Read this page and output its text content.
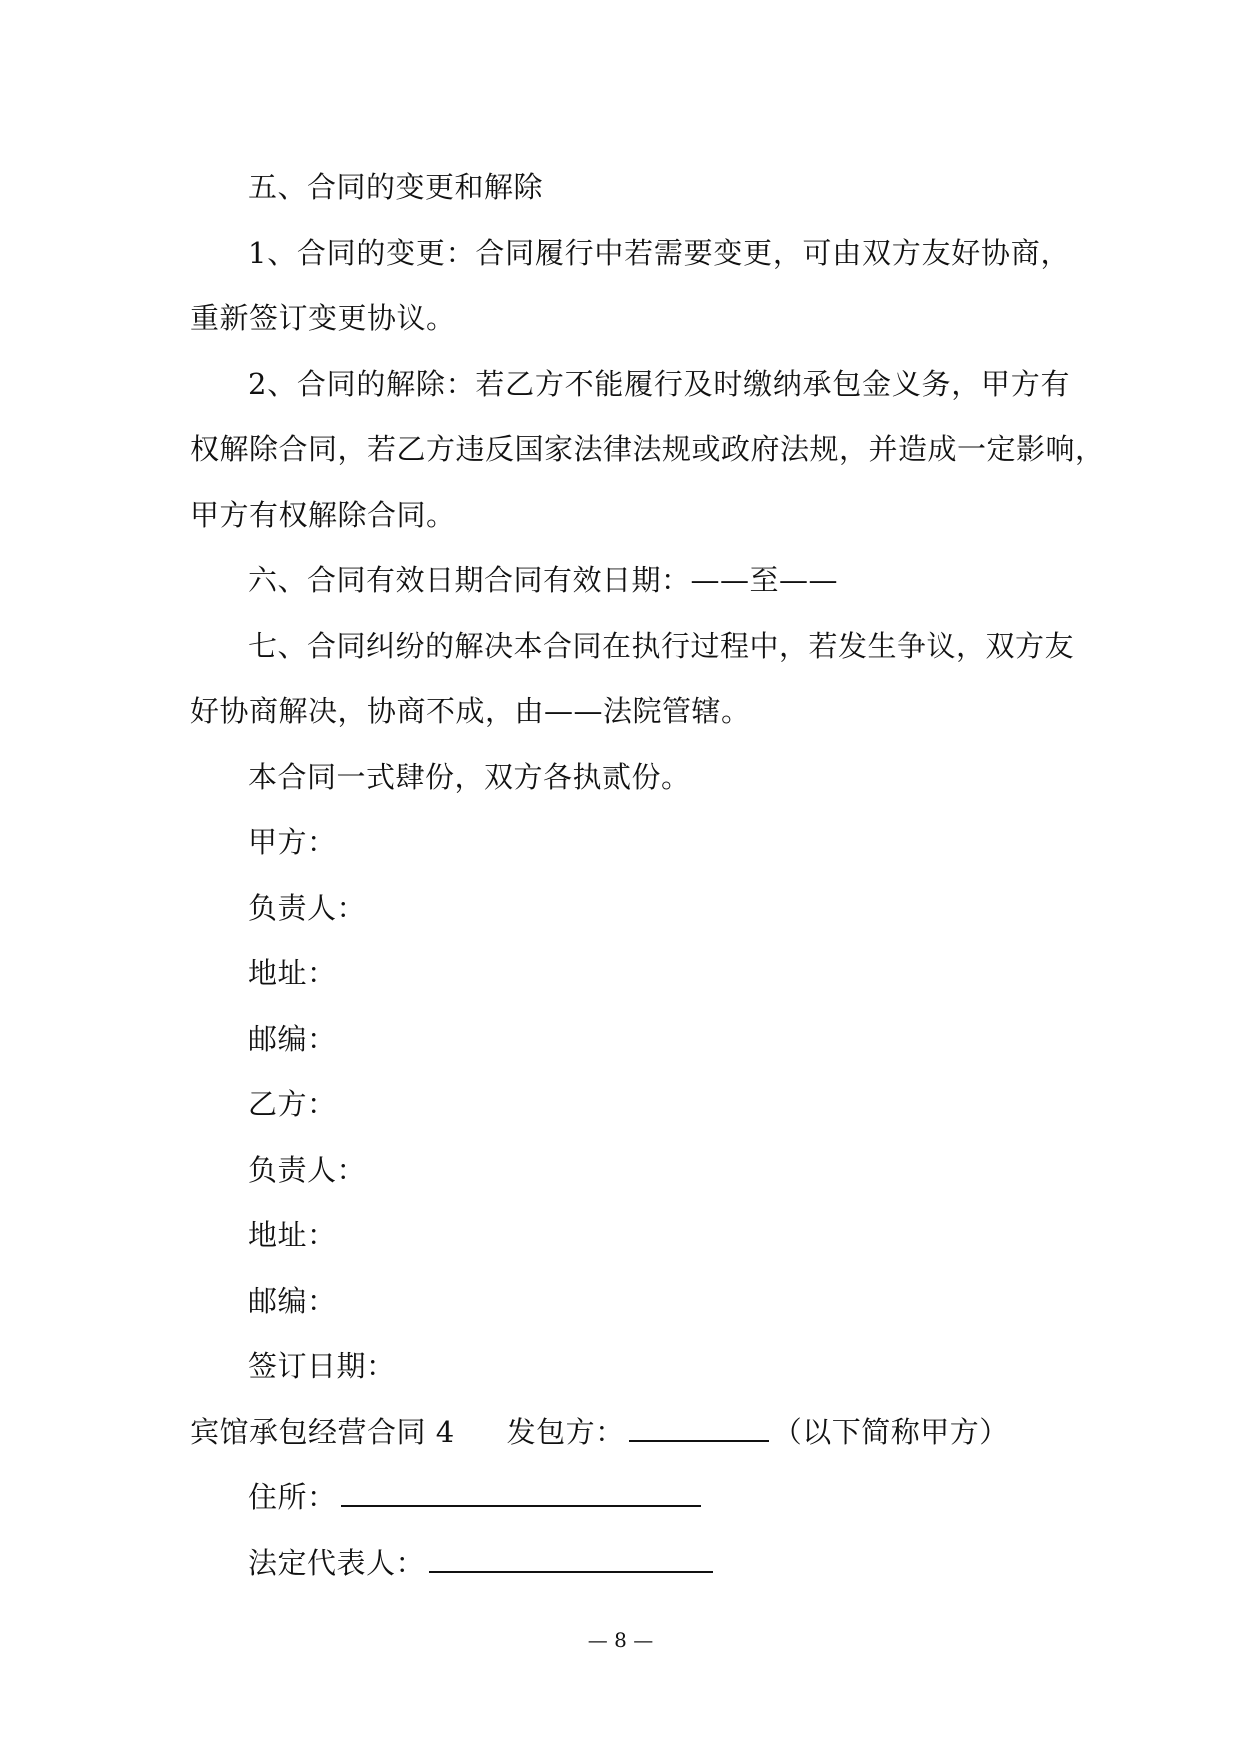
五、合同的变更和解除
1、合同的变更：合同履行中若需要变更，可由双方友好协商，
重新签订变更协议。
2、合同的解除：若乙方不能履行及时缴纳承包金义务，甲方有
权解除合同，若乙方违反国家法律法规或政府法规，并造成一定影响，
甲方有权解除合同。
六、合同有效日期合同有效日期：——至——
七、合同纠纷的解决本合同在执行过程中，若发生争议，双方友
好协商解决，协商不成，由——法院管辖。
本合同一式肆份，双方各执贰份。
甲方：
负责人：
地址：
邮编：
乙方：
负责人：
地址：
邮编：
签订日期：
宾馆承包经营合同 4 发包方：	（以下简称甲方）
住所：
法定代表人：
— 8 —
